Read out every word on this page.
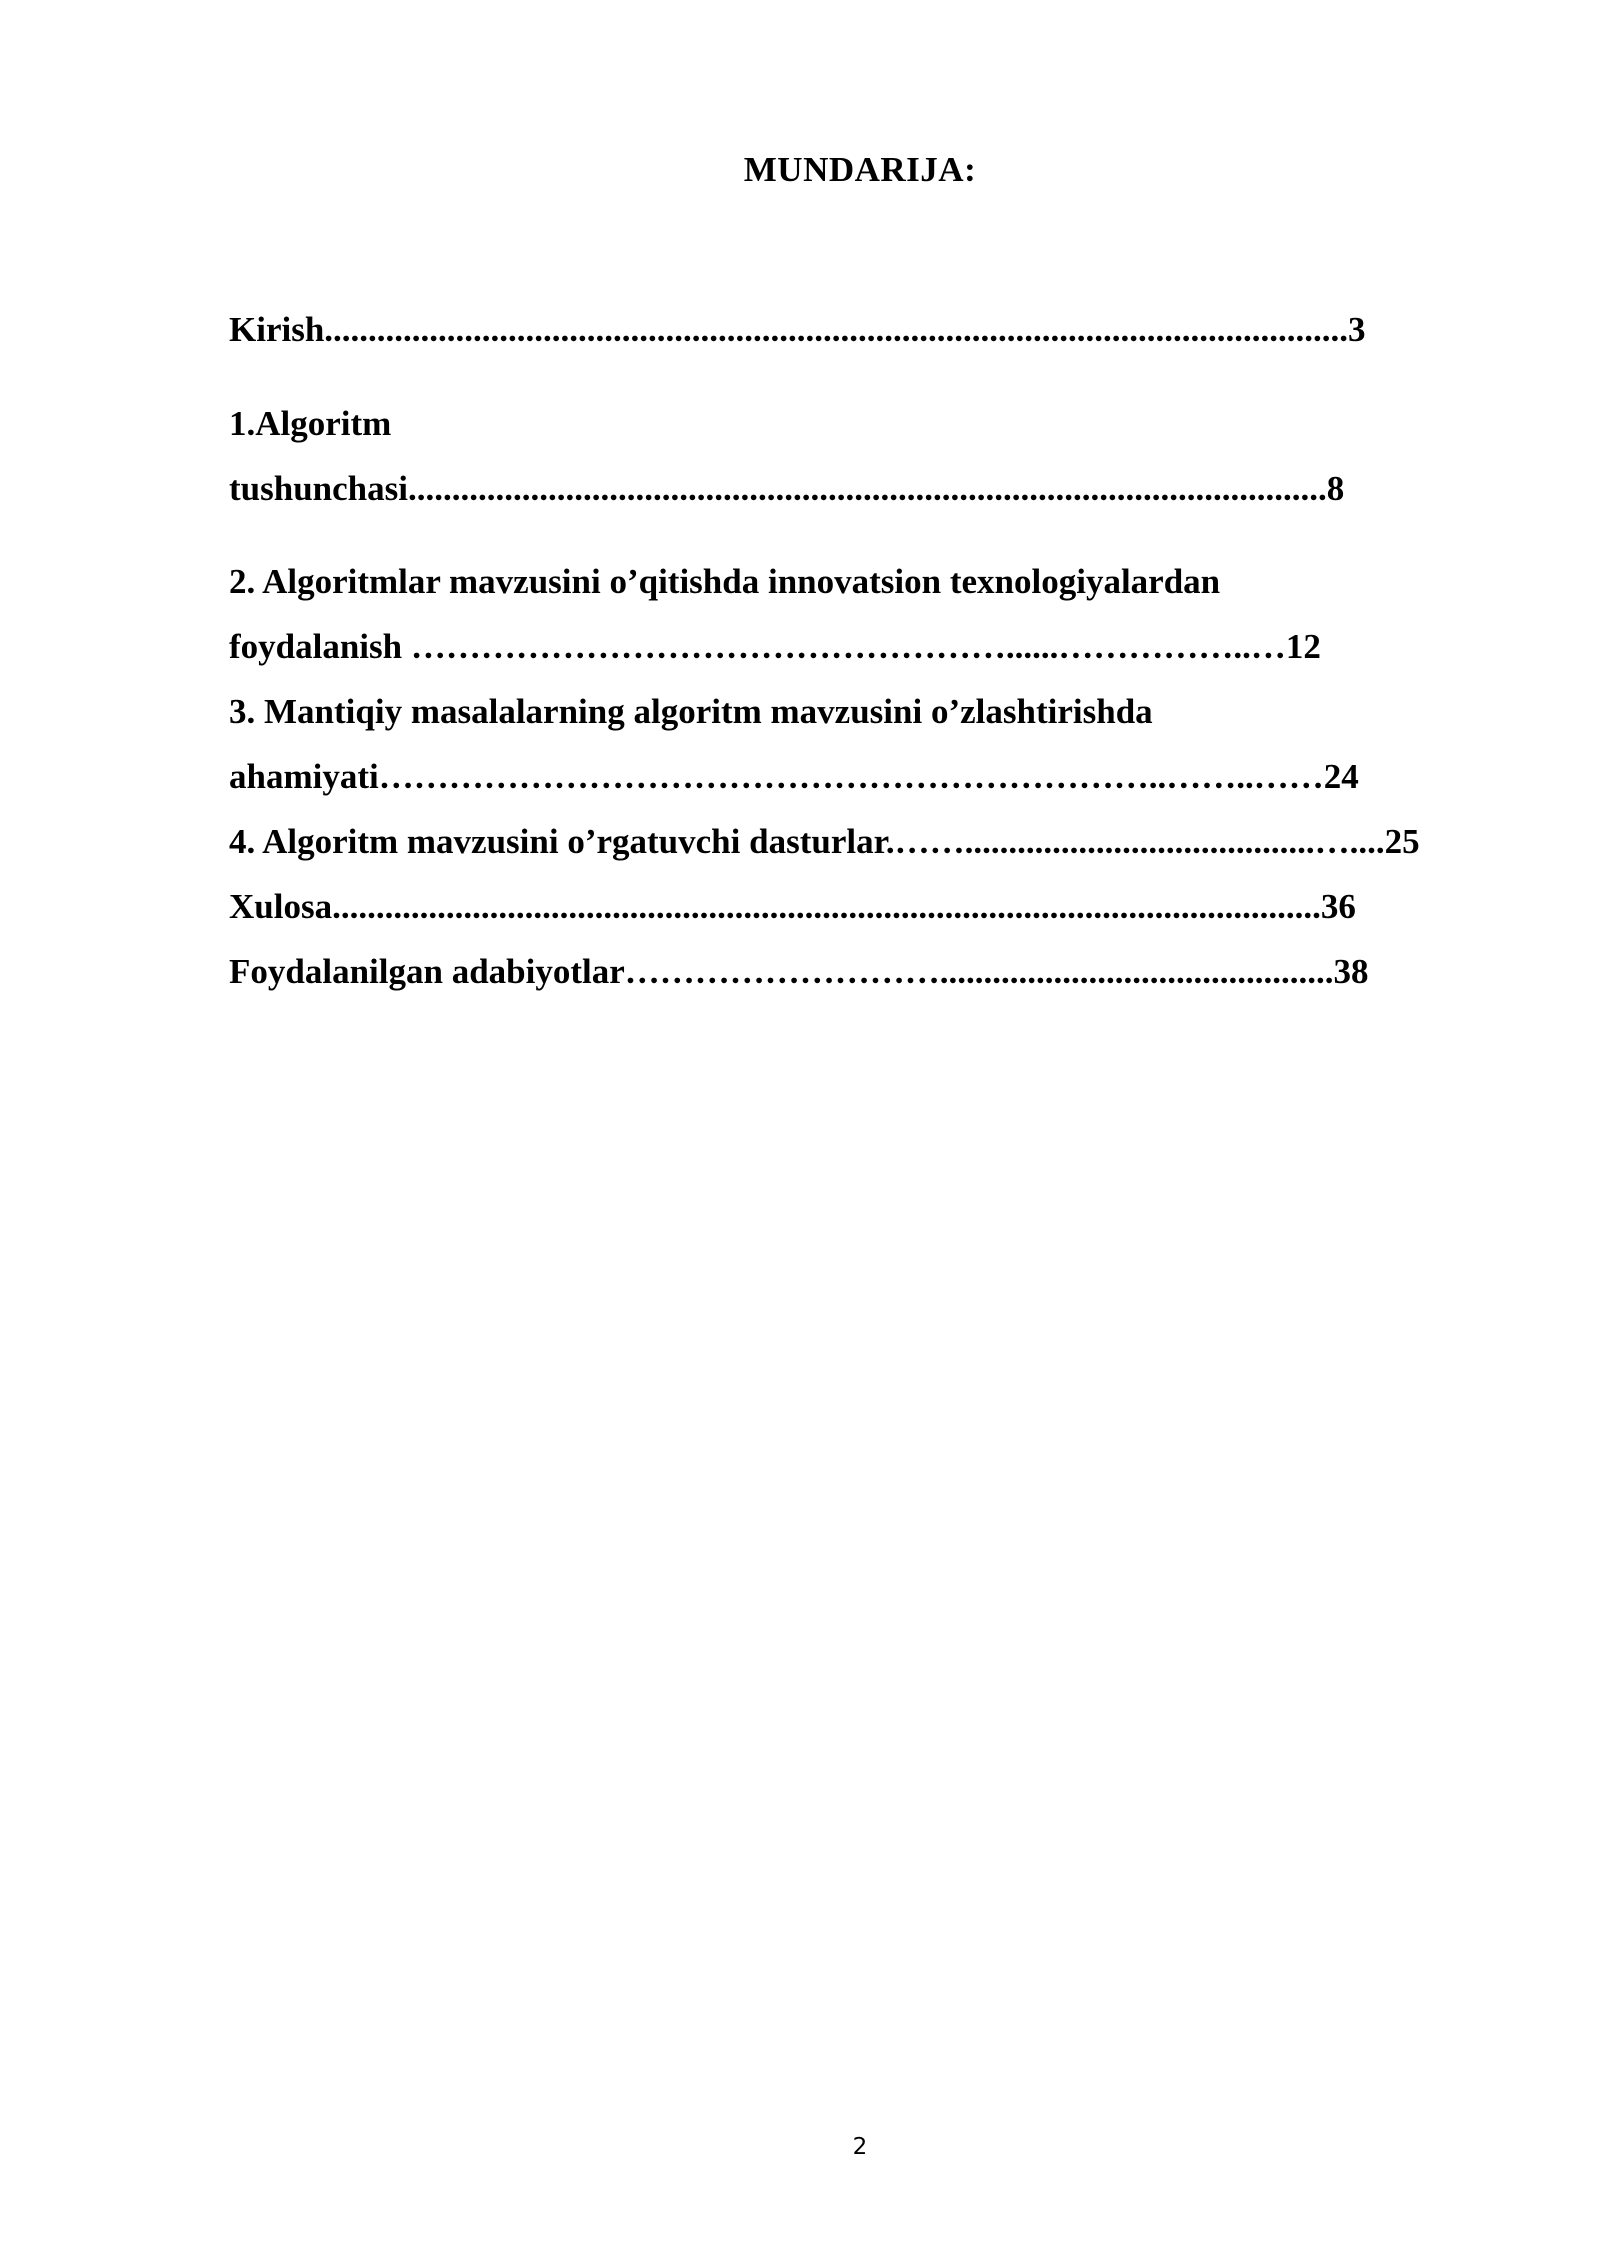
MUNDARIJA:
Kirish.....................................................................................................................3
1.Algoritm
tushunchasi.........................................................................................................8
2. Algoritmlar mavzusini o’qitishda innovatsion texnologiyalardan
foydalanish ……………………………………………......……………..…12
3. Mantiqiy masalalarning algoritm mavzusini o’zlashtirishda
ahamiyati…………………………………………………………..……..……24
4. Algoritm mavzusini o’rgatuvchi dasturlar.……........................................…....25
Xulosa.................................................................................................................36
Foydalanilgan adabiyotlar……………………….............................................38
2
